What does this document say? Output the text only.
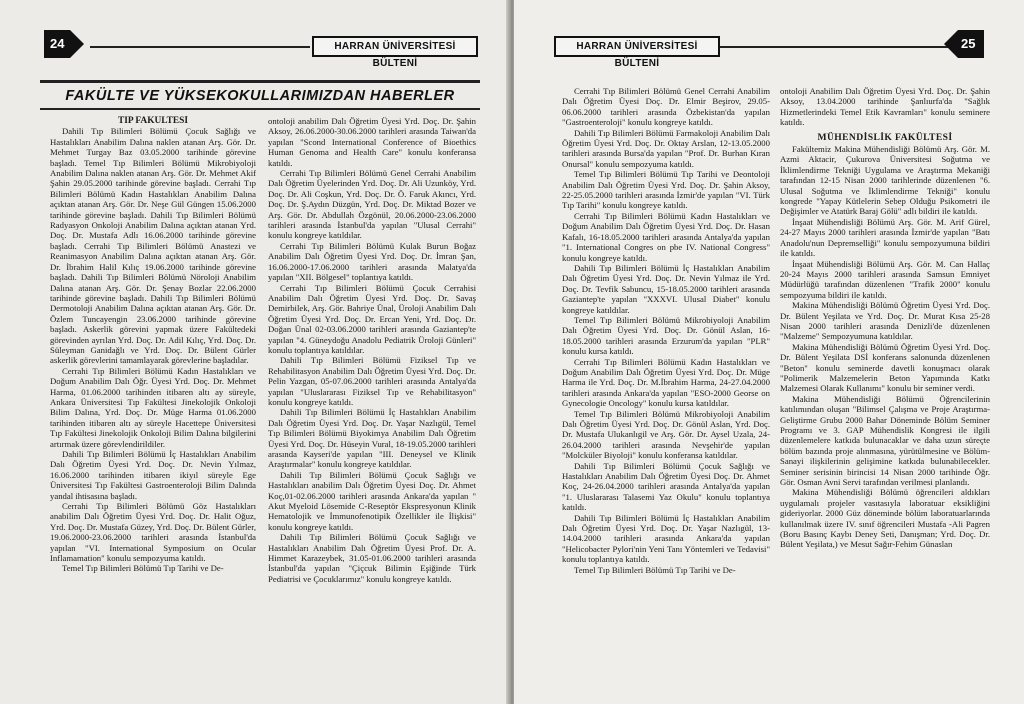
24	HARRAN ÜNİVERSİTESİ BÜLTENİ
FAKÜLTE VE YÜKSEKOKULLARIMIZDAN HABERLER

TIP FAKÜLTESİ

Dahili Tıp Bilimleri Bölümü Çocuk Sağlığı ve Hastalıkları Anabilim Dalına naklen atanan Arş. Gör. Dr. Mehmet Turgay Baz 03.05.2000 tarihinde görevine başladı. Temel Tıp Bilimleri Bölümü Mikrobiyoloji Anabilim Dalına naklen atanan Arş. Gör. Dr. Mehmet Akif Şahin 29.05.2000 tarihinde görevine başladı. Cerrahi Tıp Bilimleri Bölümü Kadın Hastalıkları Anabilim Dalına açıktan atanan Arş. Gör. Dr. Neşe Gül Güngen 15.06.2000 tarihinde görevine başladı. Dahili Tıp Bilimleri Bölümü Radyasyon Onkoloji Anabilim Dalına açıktan atanan Yrd. Doç. Dr. Mustafa Adlı 16.06.2000 tarihinde görevine başladı. Cerrahi Tıp Bilimleri Bölümü Anastezi ve Reanimasyon Anabilim Dalına açıktan atanan Arş. Gör. Dr. İbrahim Halil Kılıç 19.06.2000 tarihinde görevine başladı. Dahili Tıp Bilimleri Bölümü Nöroloji Anabilim Dalına atanan Arş. Gör. Dr. Şenay Bozlar 22.06.2000 tarihinde görevine başladı. Dahili Tıp Bilimleri Bölümü Dermotoloji Anabilim Dalına açıktan atanan Arş. Gör. Dr. Özlem Tuncayengin 23.06.2000 tarihinde görevine başladı. Askerlik görevini yapmak üzere Fakültedeki görevinden ayrılan Yrd. Doç. Dr. Adil Kılıç, Yrd. Doç. Dr. Süleyman Ganidağlı ve Yrd. Doç. Dr. Bülent Gürler askerlik görevlerini tamamlayarak görevlerine başladılar.

Cerrahi Tıp Bilimleri Bölümü Kadın Hastalıkları ve Doğum Anabilim Dalı Öğr. Üyesi Yrd. Doç. Dr. Mehmet Harma, 01.06.2000 tarihinden itibaren altı ay süreyle, Ankara Üniversitesi Tıp Fakültesi Jinekolojik Onkoloji Bilim Dalına, Yrd. Doç. Dr. Müge Harma 01.06.2000 tarihinden itibaren altı ay süreyle Hacettepe Üniversitesi Tıp Fakültesi Jinekolojik Onkoloji Bilim Dalına bilgilerini artırmak üzere görevlendirildiler.

Dahili Tıp Bilimleri Bölümü İç Hastalıkları Anabilim Dalı Öğretim Üyesi Yrd. Doç. Dr. Nevin Yılmaz, 16.06.2000 tarihinden itibaren ikiyıl süreyle Ege Üniversitesi Tıp Fakültesi Gastroenteroloji Bilim Dalında yandal ihtisasına başladı.

Cerrahi Tıp Bilimleri Bölümü Göz Hastalıkları anabilim Dalı Öğretim Üyesi Yrd. Doç. Dr. Halit Oğuz, Yrd. Doç. Dr. Mustafa Güzey, Yrd. Doç. Dr. Bülent Gürler, 19.06.2000-23.06.2000 tarihleri arasında İstanbul'da yapılan "VI. International Symposium on Ocular Inflamamation" konulu sempozyuma katıldı.

Temel Tıp Bilimleri Bölümü Tıp Tarihi ve De-

ontoloji anabilim Dalı Öğretim Üyesi Yrd. Doç. Dr. Şahin Aksoy, 26.06.2000-30.06.2000 tarihleri arasında Taiwan'da yapılan "Scond International Conference of Bioethics Human Genoma and Health Care" konulu konferansa katıldı.

Cerrahi Tıp Bilimleri Bölümü Genel Cerrahi Anabilim Dalı Öğretim Üyelerinden Yrd. Doç. Dr. Ali Uzunköy, Yrd. Doç. Dr. Ali Coşkun, Yrd. Doç. Dr. Ö. Faruk Akıncı, Yrd. Doç. Dr. Ş.Aydın Düzgün, Yrd. Doç. Dr. Miktad Bozer ve Arş. Gör. Dr. Abdullah Özgönül, 20.06.2000-23.06.2000 tarihleri arasında İstanbul'da yapılan "Ulusal Cerrahi" konulu kongreye katıldılar.

Cerrahi Tıp Bilimleri Bölümü Kulak Burun Boğaz Anabilim Dalı Öğretim Üyesi Yrd. Doç. Dr. İmran Şan, 16.06.2000-17.06.2000 tarihleri arasında Malatya'da yapılan "XII. Bölgesel" toplantıya katıldı.

Cerrahi Tıp Bilimleri Bölümü Çocuk Cerrahisi Anabilim Dalı Öğretim Üyesi Yrd. Doç. Dr. Savaş Demirbilek, Arş. Gör. Bahriye Ünal, Üroloji Anabilim Dalı Öğretim Üyesi Yrd. Doç. Dr. Ercan Yeni, Yrd. Doç. Dr. Doğan Ünal 02-03.06.2000 tarihleri arasında Gaziantep'te yapılan "4. Güneydoğu Anadolu Pediatrik Üroloji Günleri" konulu toplantıya katıldılar.

Dahili Tıp Bilimleri Bölümü Fiziksel Tıp ve Rehabilitasyon Anabilim Dalı Öğretim Üyesi Yrd. Doç. Dr. Pelin Yazgan, 05-07.06.2000 tarihleri arasında Antalya'da yapılan "Uluslararası Fiziksel Tıp ve Rehabilitasyon" konulu kongreye katıldı.

Dahili Tıp Bilimleri Bölümü İç Hastalıkları Anabilim Dalı Öğretim Üyesi Yrd. Doç. Dr. Yaşar Nazlıgül, Temel Tıp Bilimleri Bölümü Biyokimya Anabilim Dalı Öğretim Üyesi Yrd. Doç. Dr. Hüseyin Vural, 18-19.05.2000 tarihleri arasında Kayseri'de yapılan "III. Deneysel ve Klinik Araştırmalar" konulu kongreye katıldılar.

Dahili Tıp Bilimleri Bölümü Çocuk Sağlığı ve Hastalıkları anabilim Dalı Öğretim Üyesi Doç. Dr. Ahmet Koç,01-02.06.2000 tarihleri arasında Ankara'da yapılan " Akut Myeloid Lösemide C-Reseptör Ekspresyonun Klinik Hematolojik ve İmmunofenotipik Özellikler ile İlişkisi" konulu kongreye katıldı.

Dahili Tıp Bilimleri Bölümü Çocuk Sağlığı ve Hastalıkları Anabilim Dalı Öğretim Üyesi Prof. Dr. A. Himmet Karazeybek, 31.05-01.06.2000 tarihleri arasında İstanbul'da yapılan "Çiçcuk Bilimin Eşiğinde Türk Pediatrisi ve Çocuklarımız" konulu kongreye katıldı.

HARRAN ÜNİVERSİTESİ BÜLTENİ
25

Cerrahi Tıp Bilimleri Bölümü Genel Cerrahi Anabilim Dalı Öğretim Üyesi Doç. Dr. Elmir Beşirov, 29.05-06.06.2000 tarihleri arasında Özbekistan'da yapılan "Gastroenteroloji" konulu kongreye katıldı.

Dahili Tıp Bilimleri Bölümü Farmakoloji Anabilim Dalı Öğretim Üyesi Yrd. Doç. Dr. Oktay Arslan, 12-13.05.2000 tarihleri arasında Bursa'da yapılan "Prof. Dr. Burhan Kıran Onursal" konulu sempozyuma katıldı.

Temel Tıp Bilimleri Bölümü Tıp Tarihi ve Deontoloji Anabilim Dalı Öğretim Üyesi Yrd. Doç. Dr. Şahin Aksoy, 22-25.05.2000 tarihleri arasında İzmir'de yapılan "VI. Türk Tıp Tarihi" konulu kongreye katıldı.

Cerrahi Tıp Bilimleri Bölümü Kadın Hastalıkları ve Doğum Anabilim Dalı Öğretim Üyesi Yrd. Doç. Dr. Hasan Kafalı, 16-18.05.2000 tarihleri arasında Antalya'da yapılan "1. International Congres on pbe IV. National Congress" konulu kongreye katıldı.

Dahili Tıp Bilimleri Bölümü İç Hastalıkları Anabilim Dalı Öğretim Üyesi Yrd. Doç. Dr. Nevin Yılmaz ile Yrd. Doç. Dr. Tevfik Sabuncu, 15-18.05.2000 tarihleri arasında Gaziantep'te yapılan "XXXVI. Ulusal Diabet" konulu kongreye katıldılar.

Temel Tıp Bilimleri Bölümü Mikrobiyoloji Anabilim Dalı Öğretim Üyesi Yrd. Doç. Dr. Gönül Aslan, 16-18.05.2000 tarihleri arasında Erzurum'da yapılan "PLR" konulu kursa katıldı.

Cerrahi Tıp Bilimleri Bölümü Kadın Hastalıkları ve Doğum Anabilim Dalı Öğretim Üyesi Yrd. Doç. Dr. Müge Harma ile Yrd. Doç. Dr. M.İbrahim Harma, 24-27.04.2000 tarihleri arasında Ankara'da yapılan "ESO-2000 Georse on Gynecologie Oncology" konulu kursa katıldılar.

Temel Tıp Bilimleri Bölümü Mikrobiyoloji Anabilim Dalı Öğretim Üyesi Yrd. Doç. Dr. Gönül Aslan, Yrd. Doç. Dr. Mustafa Ulukanlıgil ve Arş. Gör. Dr. Aysel Uzala, 24-26.04.2000 tarihleri arasında Nevşehir'de yapılan "Molcküler Biyoloji" konulu konferansa katıldılar.

Dahili Tıp Bilimleri Bölümü Çocuk Sağlığı ve Hastalıkları Anabilim Dalı Öğretim Üyesi Doç. Dr. Ahmet Koç, 24-26.04.2000 tarihleri arasında Antalya'da yapılan "1. Uluslararası Talasemi Yaz Okulu" konulu toplantıya katıldı.

Dahili Tıp Bilimleri Bölümü İç Hastalıkları Anabilim Dalı Öğretim Üyesi Yrd. Doç. Dr. Yaşar Nazlıgül, 13-14.04.2000 tarihleri arasında Ankara'da yapılan "Helicobacter Pylori'nin Yeni Tanı Yöntemleri ve Tedavisi" konulu toplantıya katıldı.

Temel Tıp Bilimleri Bölümü Tıp Tarihi ve De-

ontoloji Anabilim Dalı Öğretim Üyesi Yrd. Doç. Dr. Şahin Aksoy, 13.04.2000 tarihinde Şanlıurfa'da "Sağlık Hizmetlerindeki Temel Etik Kavramları" konulu seminere katıldı.

MÜHENDİSLİK FAKÜLTESİ

Fakültemiz Makina Mühendisliği Bölümü Arş. Gör. M. Azmi Aktacir, Çukurova Üniversitesi Soğutma ve İklimlendirme Tekniği Uygulama ve Araştırma Mekaniği tarafından 12-15 Nisan 2000 tarihlerinde düzenlenen "6. Ulusal Soğutma ve İklimlendirme Tekniği" konulu kongrede "Yapay Kütlelerin Sebep Olduğu Psikometri ile Değişimler ve Atatürk Baraj Gölü" adlı bildiri ile katıldı.

İnşaat Mühendisliği Bölümü Arş. Gör. M. Arif Gürel, 24-27 Mayıs 2000 tarihleri arasında İzmir'de yapılan "Batı Anadolu'nun Depremselliği" konulu sempozyumuna bildiri ile katıldı.

İnşaat Mühendisliği Bölümü Arş. Gör. M. Can Hallaç 20-24 Mayıs 2000 tarihleri arasında Samsun Emniyet Müdürlüğü tarafından düzenlenen "Trafik 2000" konulu sempozyuma bildiri ile katıldı.

Makina Mühendisliği Bölümü Öğretim Üyesi Yrd. Doç. Dr. Bülent Yeşilata ve Yrd. Doç. Dr. Murat Kısa 25-28 Nisan 2000 tarihleri arasında Denizli'de düzenlenen "Malzeme" Sempozyumuna katıldılar.

Makina Mühendisliği Bölümü Öğretim Üyesi Yrd. Doç. Dr. Bülent Yeşilata DSİ konferans salonunda düzenlenen "Beton" konulu seminerde davetli konuşmacı olarak "Polimerik Malzemelerin Beton Yapımında Katkı Malzemesi Olarak Kullanımı" konulu bir seminer verdi.

Makina Mühendisliği Bölümü Öğrencilerinin katılımından oluşan "Bilimsel Çalışma ve Proje Araştırma-Geliştirme Grubu 2000 Bahar Döneminde Bölüm Seminer Programı ve 3. GAP Mühendislik Kongresi ile ilgili düzenlemelere katkıda bulunacaklar ve daha uzun süreçte bölüm bazında proje alınmasına, yürütülmesine ve Bölüm-Sanayi ilişkilerinin gelişimine katkıda bulunabilecekler. Seminer serisinin birincisi 14 Nisan 2000 tarihinde Öğr. Gör. Osman Avni Servi tarafından verilmesi planlandı.

Makina Mühendisliği Bölümü öğrencileri aldıkları uygulamalı projeler vasıtasıyla laboratuar eksikliğini gideriyorlar. 2000 Güz döneminde bölüm laboratuarlarında kullanılmak üzere IV. sınıf öğrencileri Mustafa -Ali Pagren (Boru Basınç Kaybı Deney Seti, Danışman; Yrd. Doç. Dr. Bülent Yeşilata,) ve Mesut Sağır-Fehim Günaslan
